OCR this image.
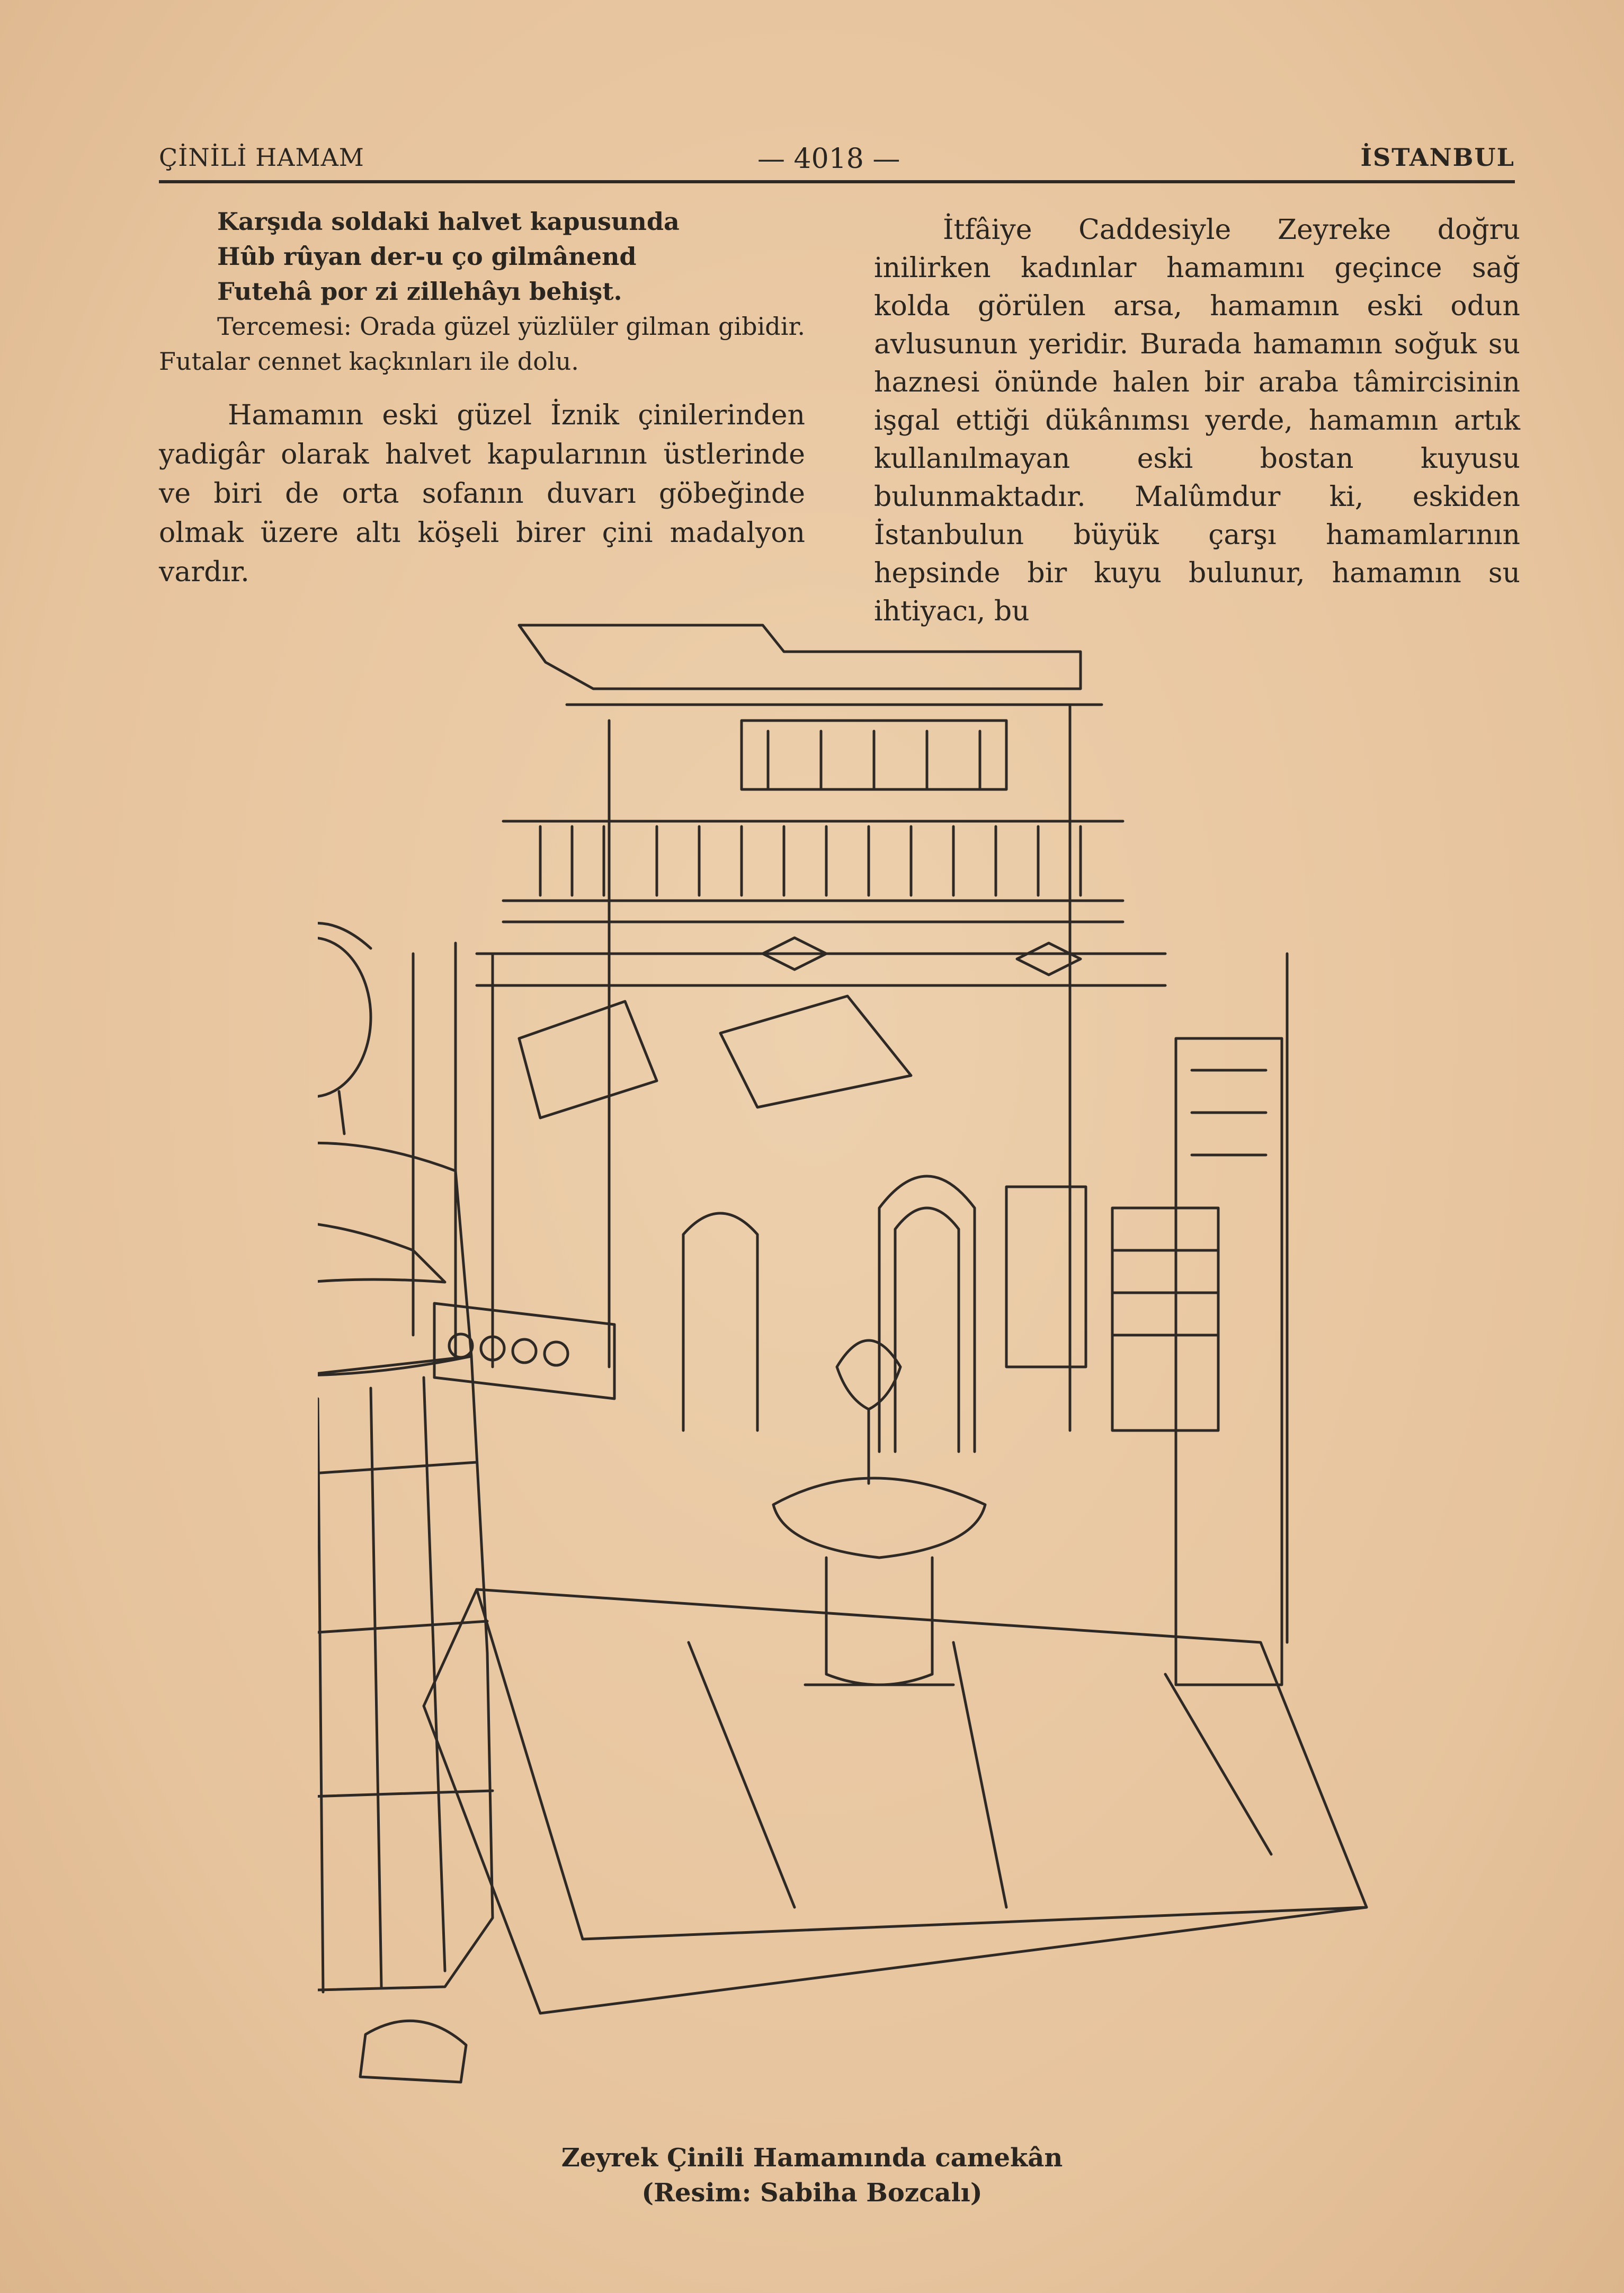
ÇİNİLİ HAMAM	— 4018 —	İSTANBUL

Karşıda soldaki halvet kapusunda

Hûb rûyan der-u ço gilmânend

Futehâ por zi zillehâyı behişt.

Tercemesi: Orada güzel yüzlüler gilman gibidir. Futalar cennet kaçkınları ile dolu.

Hamamın eski güzel İznik çinilerinden yadigâr olarak halvet kapularının üstlerinde ve biri de orta sofanın duvarı göbeğinde olmak üzere altı köşeli birer çini madalyon vardır.

İtfâiye Caddesiyle Zeyreke doğru inilirken kadınlar hamamını geçince sağ kolda görülen arsa, hamamın eski odun avlusunun yeridir. Burada hamamın soğuk su haznesi önünde halen bir araba tâmircisinin işgal ettiği dükânımsı yerde, hamamın artık kullanılmayan eski bostan kuyusu bulunmaktadır. Malûmdur ki, eskiden İstanbulun büyük çarşı hamamlarının hepsinde bir kuyu bulunur, hamamın su ihtiyacı, bu

Zeyrek Çinili Hamamında camekân
(Resim: Sabiha Bozcalı)
